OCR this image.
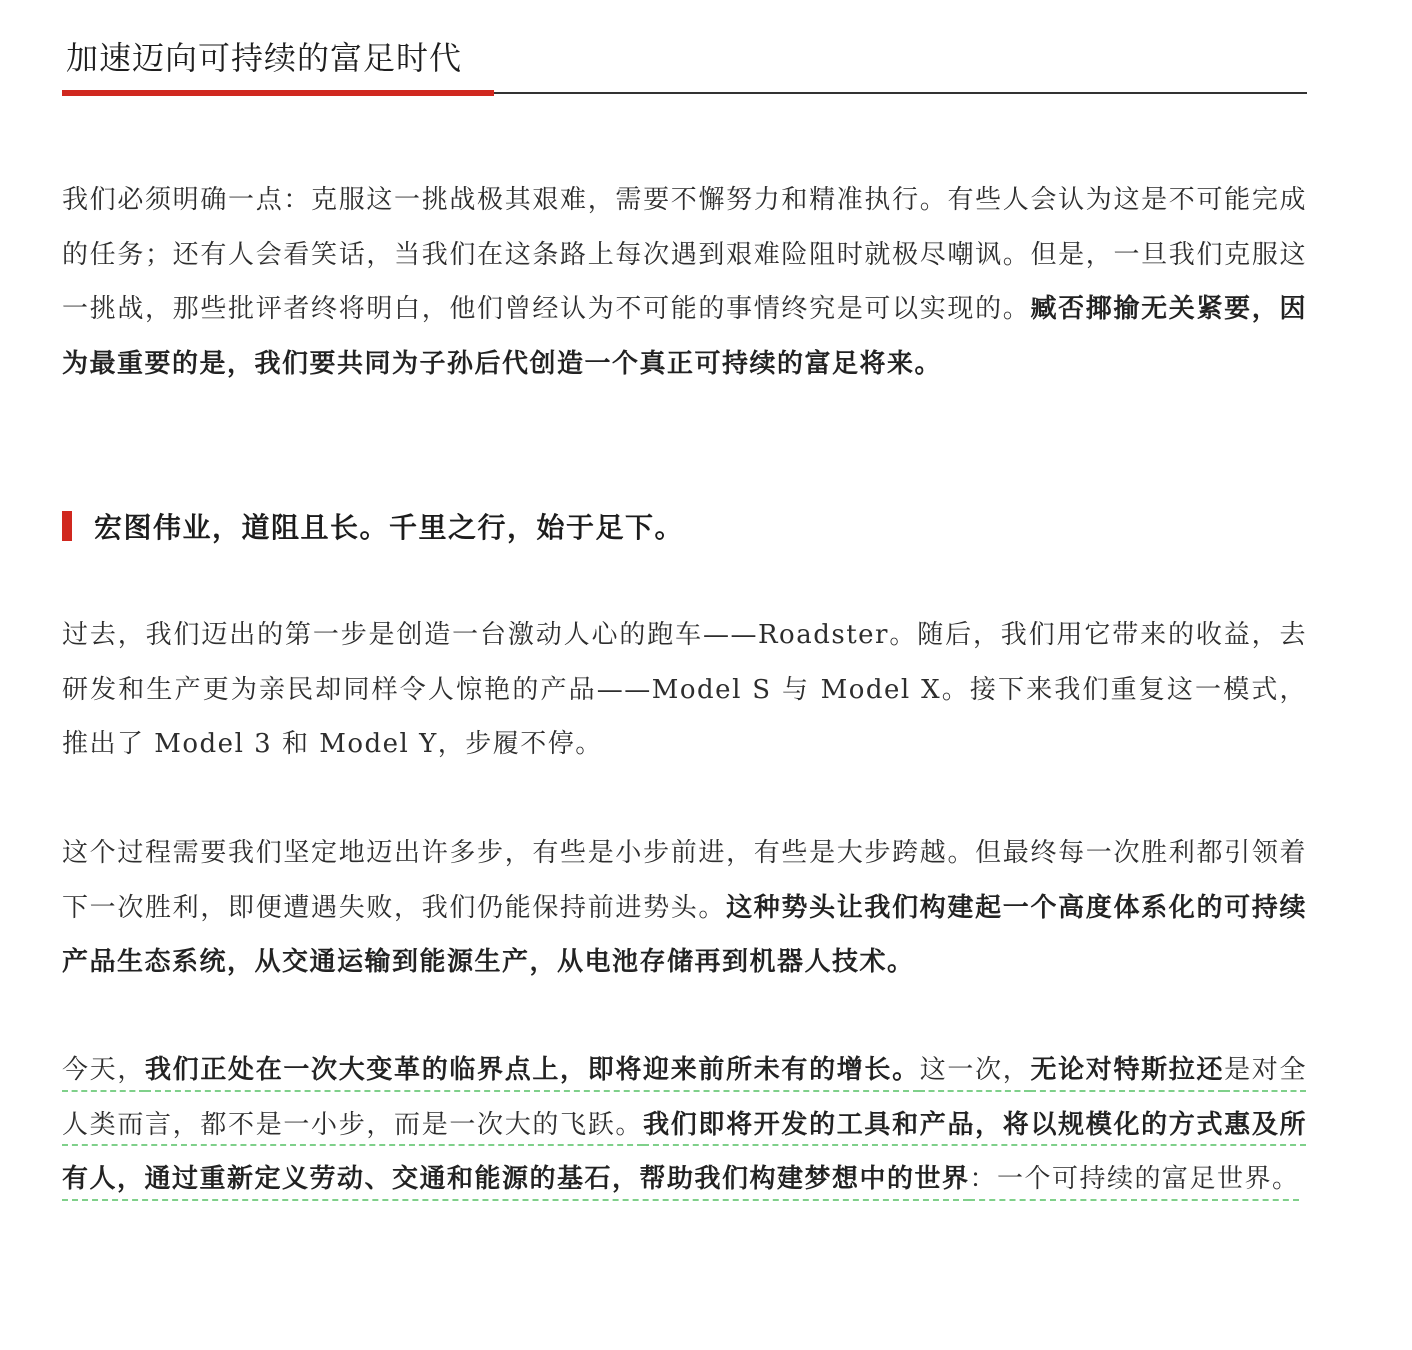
加速迈向可持续的富足时代

我们必须明确一点：克服这一挑战极其艰难，需要不懈努力和精准执行。有些人会认为这是不可能完成的任务；还有人会看笑话，当我们在这条路上每次遇到艰难险阻时就极尽嘲讽。但是，一旦我们克服这一挑战，那些批评者终将明白，他们曾经认为不可能的事情终究是可以实现的。臧否揶揄无关紧要，因为最重要的是，我们要共同为子孙后代创造一个真正可持续的富足将来。

宏图伟业，道阻且长。千里之行，始于足下。

过去，我们迈出的第一步是创造一台激动人心的跑车——Roadster。随后，我们用它带来的收益，去研发和生产更为亲民却同样令人惊艳的产品——Model S 与 Model X。接下来我们重复这一模式，推出了 Model 3 和 Model Y，步履不停。

这个过程需要我们坚定地迈出许多步，有些是小步前进，有些是大步跨越。但最终每一次胜利都引领着下一次胜利，即便遭遇失败，我们仍能保持前进势头。这种势头让我们构建起一个高度体系化的可持续产品生态系统，从交通运输到能源生产，从电池存储再到机器人技术。

今天，我们正处在一次大变革的临界点上，即将迎来前所未有的增长。这一次，无论对特斯拉还是对全人类而言，都不是一小步，而是一次大的飞跃。我们即将开发的工具和产品，将以规模化的方式惠及所有人，通过重新定义劳动、交通和能源的基石，帮助我们构建梦想中的世界：一个可持续的富足世界。
